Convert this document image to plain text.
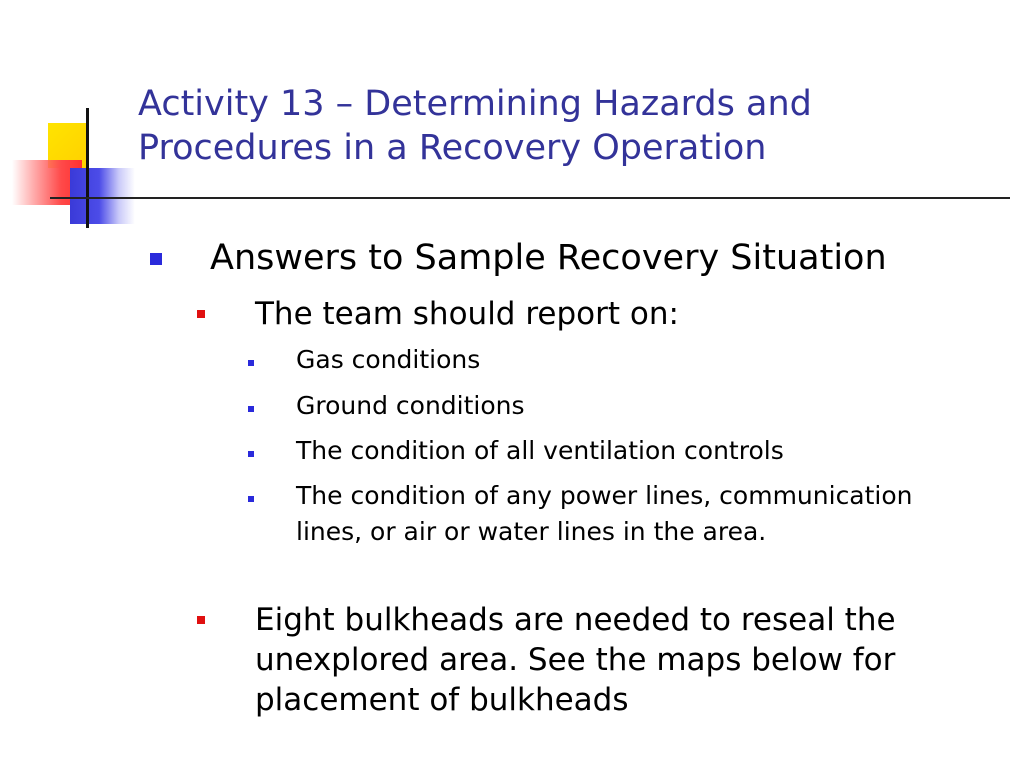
Activity 13 – Determining Hazards and
Procedures in a Recovery Operation
Answers to Sample Recovery Situation
The team should report on:
Gas conditions
Ground conditions
The condition of all ventilation controls
The condition of any power lines, communication lines, or air or water lines in the area.
Eight bulkheads are needed to reseal the unexplored area. See the maps below for placement of bulkheads
